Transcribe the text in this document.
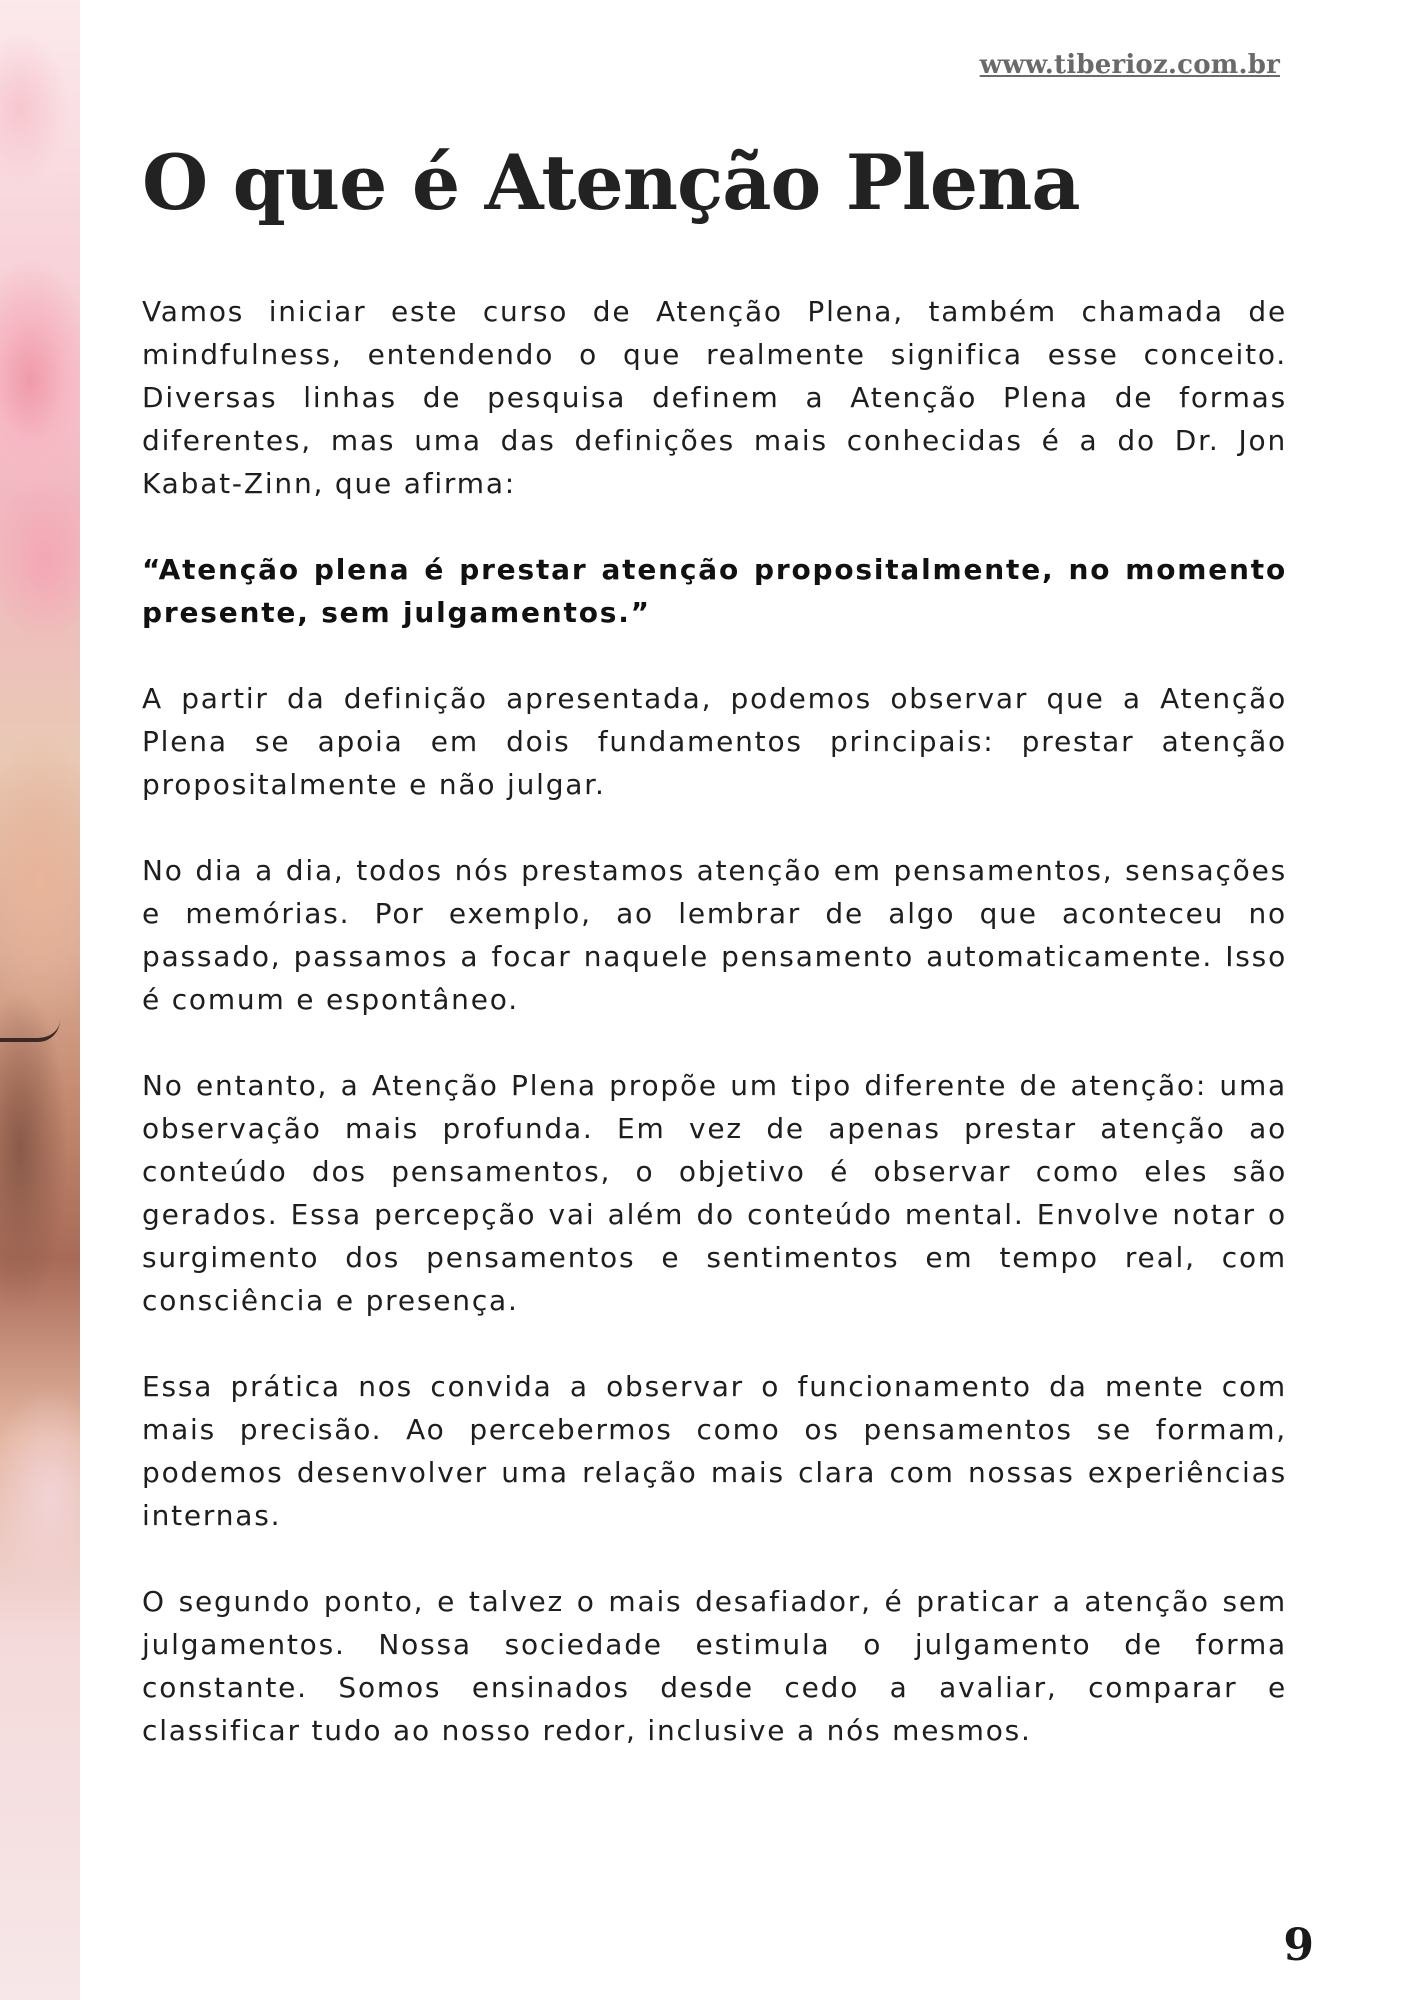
www.tiberioz.com.br
O que é Atenção Plena

Vamos iniciar este curso de Atenção Plena, também chamada de mindfulness, entendendo o que realmente significa esse conceito. Diversas linhas de pesquisa definem a Atenção Plena de formas diferentes, mas uma das definições mais conhecidas é a do Dr. Jon Kabat-Zinn, que afirma:

“Atenção plena é prestar atenção propositalmente, no momento presente, sem julgamentos.”

A partir da definição apresentada, podemos observar que a Atenção Plena se apoia em dois fundamentos principais: prestar atenção propositalmente e não julgar.

No dia a dia, todos nós prestamos atenção em pensamentos, sensações e memórias. Por exemplo, ao lembrar de algo que aconteceu no passado, passamos a focar naquele pensamento automaticamente. Isso é comum e espontâneo.

No entanto, a Atenção Plena propõe um tipo diferente de atenção: uma observação mais profunda. Em vez de apenas prestar atenção ao conteúdo dos pensamentos, o objetivo é observar como eles são gerados. Essa percepção vai além do conteúdo mental. Envolve notar o surgimento dos pensamentos e sentimentos em tempo real, com consciência e presença.

Essa prática nos convida a observar o funcionamento da mente com mais precisão. Ao percebermos como os pensamentos se formam, podemos desenvolver uma relação mais clara com nossas experiências internas.

O segundo ponto, e talvez o mais desafiador, é praticar a atenção sem julgamentos. Nossa sociedade estimula o julgamento de forma constante. Somos ensinados desde cedo a avaliar, comparar e classificar tudo ao nosso redor, inclusive a nós mesmos.

9
